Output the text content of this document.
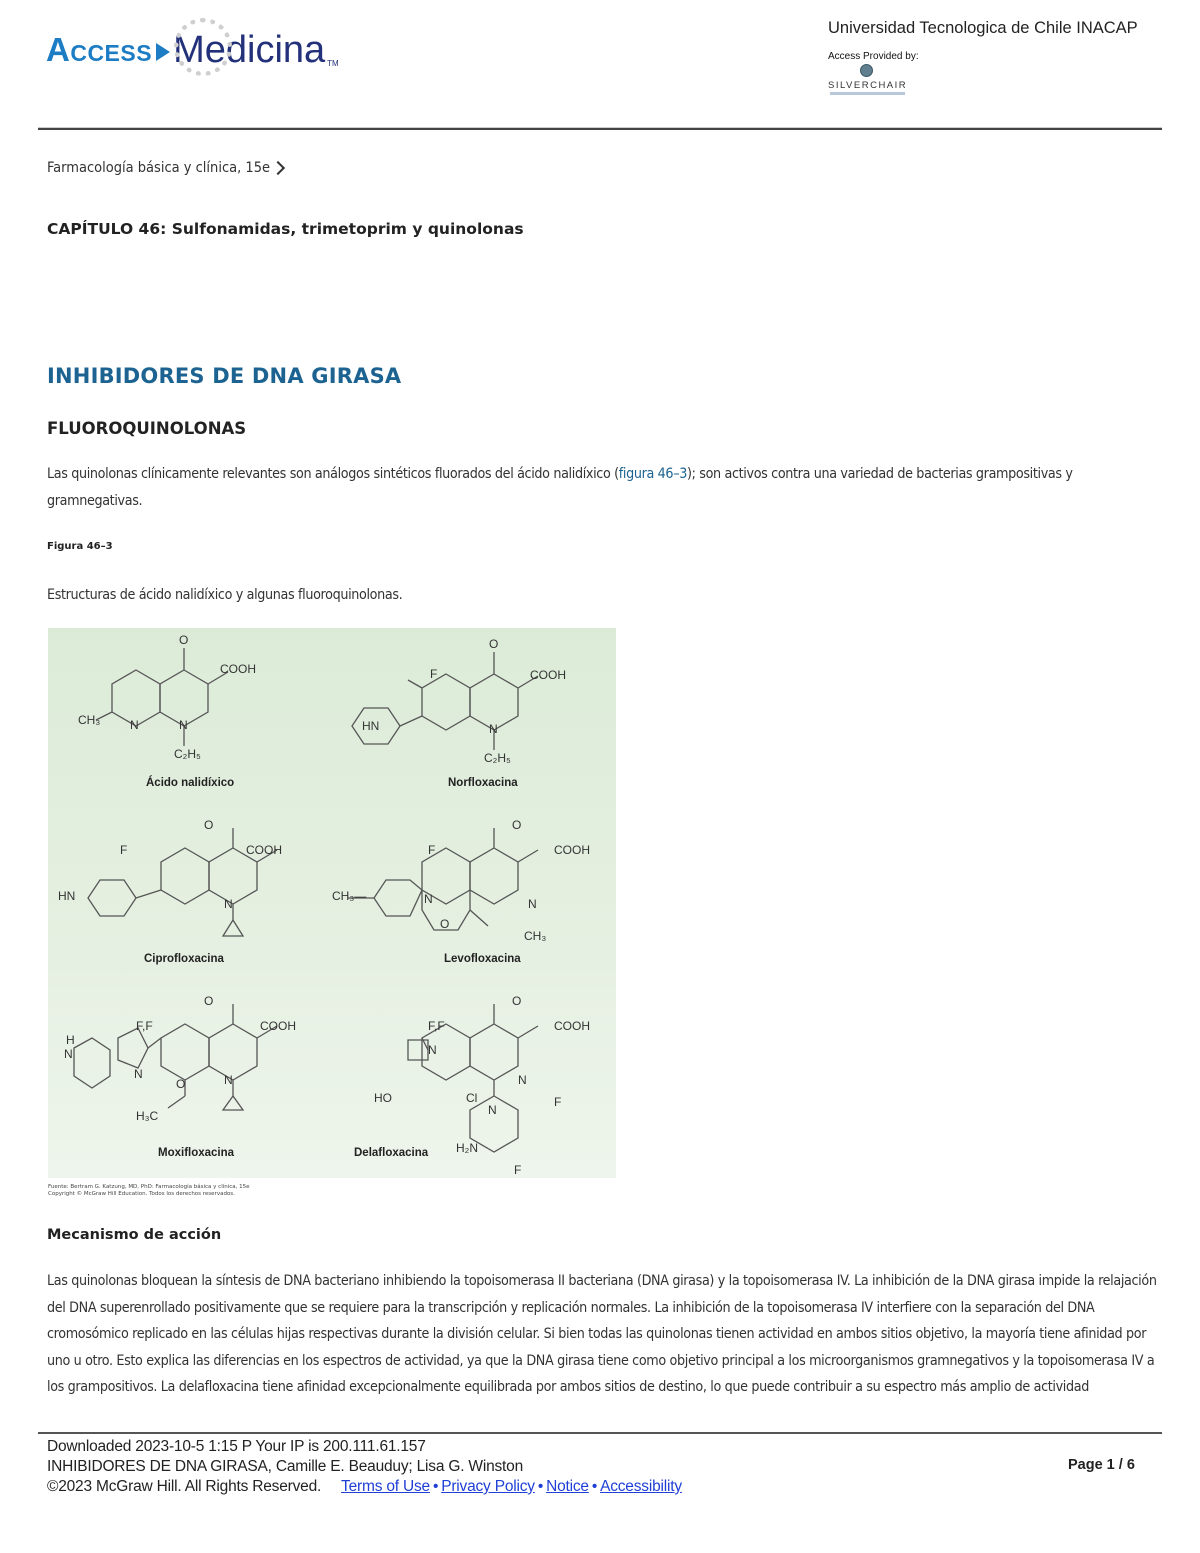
Access Medicina TM
Universidad Tecnologica de Chile INACAP
Access Provided by:
SILVERCHAIR
Farmacología básica y clínica, 15e
CAPÍTULO 46: Sulfonamidas, trimetoprim y quinolonas
INHIBIDORES DE DNA GIRASA
FLUOROQUINOLONAS
Las quinolonas clínicamente relevantes son análogos sintéticos fluorados del ácido nalidíxico (figura 46–3); son activos contra una variedad de bacterias grampositivas y gramnegativas.
Figura 46–3
Estructuras de ácido nalidíxico y algunas fluoroquinolonas.
O
COOH
CH₃ N	N
C₂H₅
O
COOH
F
HN	N
C₂H₅
O
COOH
F
HN
N
O
COOH
F
CH₃—	N	N
O
CH₃
O
COOH
F,F
H
N
N
O	N
H₃C
O
COOH
F,F
N
HO	Cl
N
N
F
H₂N
F
Ácido nalidíxico	Norfloxacina
Ciprofloxacina	Levofloxacina
Moxifloxacina	Delafloxacina
Fuente: Bertram G. Katzung, MD, PhD: Farmacología básica y clínica, 15e
Copyright © McGraw Hill Education. Todos los derechos reservados.
Mecanismo de acción
Las quinolonas bloquean la síntesis de DNA bacteriano inhibiendo la topoisomerasa II bacteriana (DNA girasa) y la topoisomerasa IV. La inhibición de la DNA girasa impide la relajación del DNA superenrollado positivamente que se requiere para la transcripción y replicación normales. La inhibición de la topoisomerasa IV interfiere con la separación del DNA cromosómico replicado en las células hijas respectivas durante la división celular. Si bien todas las quinolonas tienen actividad en ambos sitios objetivo, la mayoría tiene afinidad por uno u otro. Esto explica las diferencias en los espectros de actividad, ya que la DNA girasa tiene como objetivo principal a los microorganismos gramnegativos y la topoisomerasa IV a los grampositivos. La delafloxacina tiene afinidad excepcionalmente equilibrada por ambos sitios de destino, lo que puede contribuir a su espectro más amplio de actividad
Downloaded 2023-10-5 1:15 P Your IP is 200.111.61.157
INHIBIDORES DE DNA GIRASA, Camille E. Beauduy; Lisa G. Winston
©2023 McGraw Hill. All Rights Reserved. Terms of Use • Privacy Policy • Notice • Accessibility
Page 1 / 6
